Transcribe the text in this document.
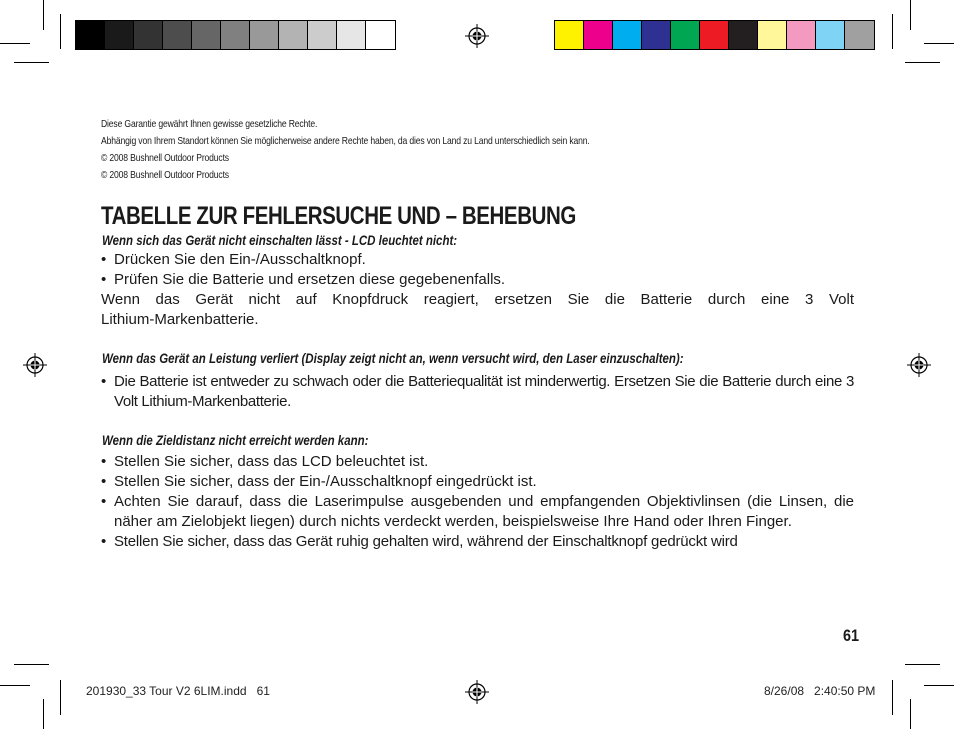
Diese Garantie gewährt Ihnen gewisse gesetzliche Rechte.
Abhängig von Ihrem Standort können Sie möglicherweise andere Rechte haben, da dies von Land zu Land unterschiedlich sein kann.
© 2008 Bushnell Outdoor Products
© 2008 Bushnell Outdoor Products
TABELLE ZUR FEHLERSUCHE UND – BEHEBUNG
Wenn sich das Gerät nicht einschalten lässt - LCD leuchtet nicht:
• Drücken Sie den Ein-/Ausschaltknopf.
• Prüfen Sie die Batterie und ersetzen diese gegebenenfalls.
Wenn das Gerät nicht auf Knopfdruck reagiert, ersetzen Sie die Batterie durch eine 3 Volt Lithium-Markenbatterie.
Wenn das Gerät an Leistung verliert (Display zeigt nicht an, wenn versucht wird, den Laser einzuschalten):
• Die Batterie ist entweder zu schwach oder die Batteriequalität ist minderwertig. Ersetzen Sie die Batterie durch eine 3 Volt Lithium-Markenbatterie.
Wenn die Zieldistanz nicht erreicht werden kann:
• Stellen Sie sicher, dass das LCD beleuchtet ist.
• Stellen Sie sicher, dass der Ein-/Ausschaltknopf eingedrückt ist.
• Achten Sie darauf, dass die Laserimpulse ausgebenden und empfangenden Objektivlinsen (die Linsen, die näher am Zielobjekt liegen) durch nichts verdeckt werden, beispielsweise Ihre Hand oder Ihren Finger.
• Stellen Sie sicher, dass das Gerät ruhig gehalten wird, während der Einschaltknopf gedrückt wird
61
201930_33 Tour V2 6LIM.indd   61	8/26/08   2:40:50 PM
